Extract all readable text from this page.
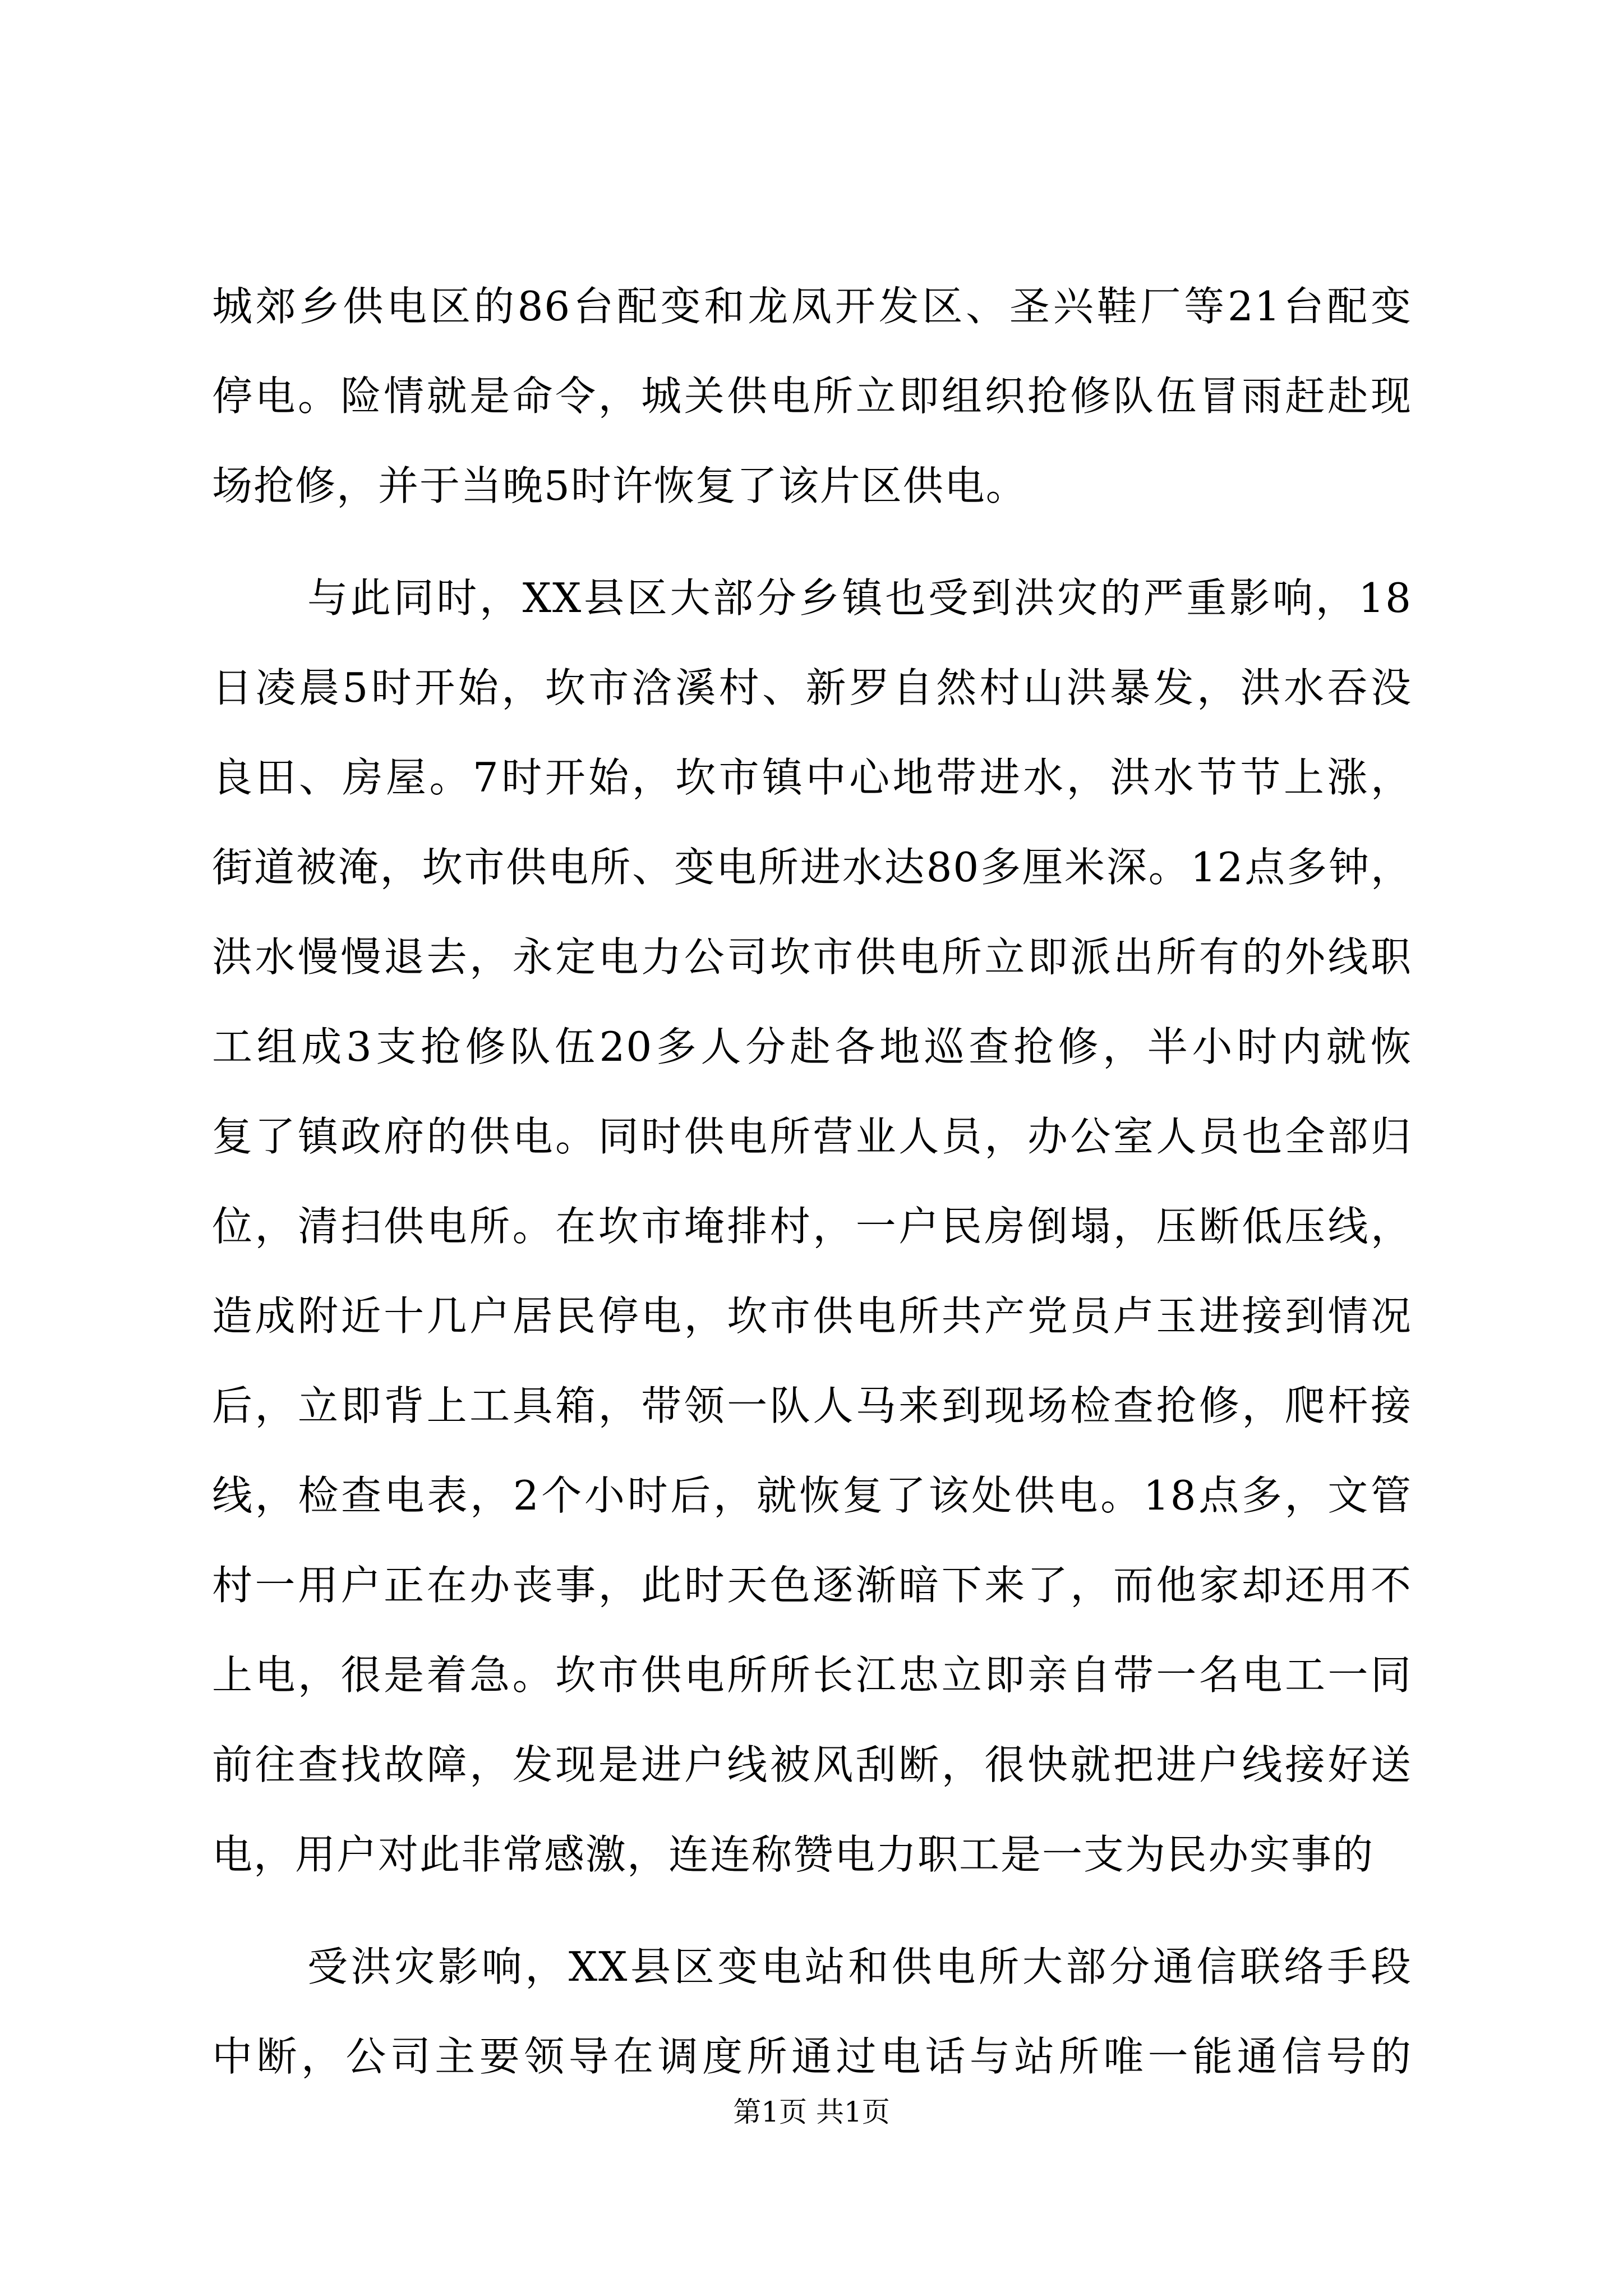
城郊乡供电区的86台配变和龙凤开发区、圣兴鞋厂等21台配变
停电。险情就是命令，城关供电所立即组织抢修队伍冒雨赶赴现
场抢修，并于当晚5时许恢复了该片区供电。
与此同时，XX县区大部分乡镇也受到洪灾的严重影响，18
日凌晨5时开始，坎市浛溪村、新罗自然村山洪暴发，洪水吞没
良田、房屋。7时开始，坎市镇中心地带进水，洪水节节上涨，
街道被淹，坎市供电所、变电所进水达80多厘米深。12点多钟，
洪水慢慢退去，永定电力公司坎市供电所立即派出所有的外线职
工组成3支抢修队伍20多人分赴各地巡查抢修，半小时内就恢
复了镇政府的供电。同时供电所营业人员，办公室人员也全部归
位，清扫供电所。在坎市埯排村，一户民房倒塌，压断低压线，
造成附近十几户居民停电，坎市供电所共产党员卢玉进接到情况
后，立即背上工具箱，带领一队人马来到现场检查抢修，爬杆接
线，检查电表，2个小时后，就恢复了该处供电。18点多，文管
村一用户正在办丧事，此时天色逐渐暗下来了，而他家却还用不
上电，很是着急。坎市供电所所长江忠立即亲自带一名电工一同
前往查找故障，发现是进户线被风刮断，很快就把进户线接好送
电，用户对此非常感激，连连称赞电力职工是一支为民办实事的
受洪灾影响，XX县区变电站和供电所大部分通信联络手段
中断，公司主要领导在调度所通过电话与站所唯一能通信号的
第1页 共1页
